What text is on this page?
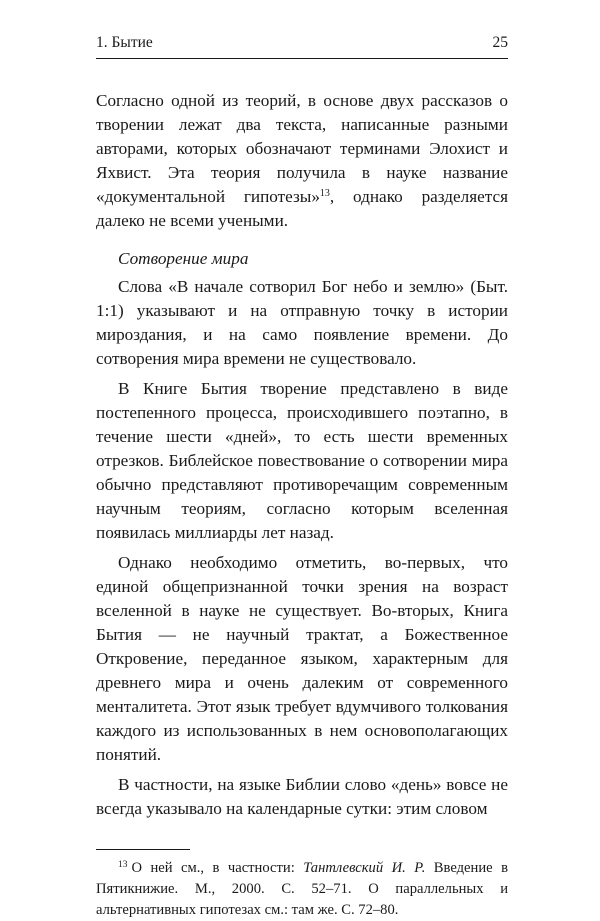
1. Бытие	25

Согласно одной из теорий, в основе двух рассказов о творении лежат два текста, написанные разными авторами, которых обозначают терминами Элохист и Яхвист. Эта теория получила в науке название «документальной гипотезы»$^{13}$, однако разделяется далеко не всеми учеными.

Сотворение мира

Слова «В начале сотворил Бог небо и землю» (Быт. 1:1) указывают и на отправную точку в истории мироздания, и на само появление времени. До сотворения мира времени не существовало.

В Книге Бытия творение представлено в виде постепенного процесса, происходившего поэтапно, в течение шести «дней», то есть шести временных отрезков. Библейское повествование о сотворении мира обычно представляют противоречащим современным научным теориям, согласно которым вселенная появилась миллиарды лет назад.

Однако необходимо отметить, во-первых, что единой общепризнанной точки зрения на возраст вселенной в науке не существует. Во-вторых, Книга Бытия — не научный трактат, а Божественное Откровение, переданное языком, характерным для древнего мира и очень далеким от современного менталитета. Этот язык требует вдумчивого толкования каждого из использованных в нем основополагающих понятий.

В частности, на языке Библии слово «день» вовсе не всегда указывало на календарные сутки: этим словом

$^{13}$ О ней см., в частности: Тантлевский И. Р. Введение в Пятикнижие. М., 2000. С. 52–71. О параллельных и альтернативных гипотезах см.: там же. С. 72–80.
